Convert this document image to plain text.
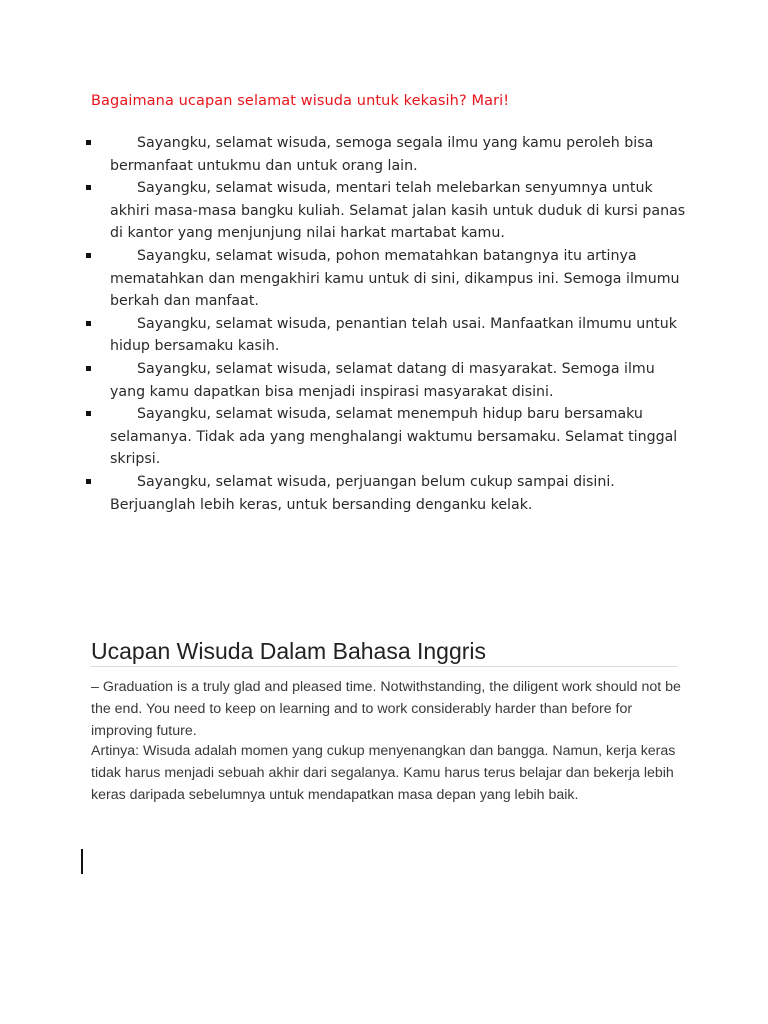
Bagaimana ucapan selamat wisuda untuk kekasih? Mari!
Sayangku, selamat wisuda, semoga segala ilmu yang kamu peroleh bisa bermanfaat untukmu dan untuk orang lain.
Sayangku, selamat wisuda, mentari telah melebarkan senyumnya untuk akhiri masa-masa bangku kuliah. Selamat jalan kasih untuk duduk di kursi panas di kantor yang menjunjung nilai harkat martabat kamu.
Sayangku, selamat wisuda, pohon mematahkan batangnya itu artinya mematahkan dan mengakhiri kamu untuk di sini, dikampus ini. Semoga ilmumu berkah dan manfaat.
Sayangku, selamat wisuda, penantian telah usai. Manfaatkan ilmumu untuk hidup bersamaku kasih.
Sayangku, selamat wisuda, selamat datang di masyarakat. Semoga ilmu yang kamu dapatkan bisa menjadi inspirasi masyarakat disini.
Sayangku, selamat wisuda, selamat menempuh hidup baru bersamaku selamanya. Tidak ada yang menghalangi waktumu bersamaku. Selamat tinggal skripsi.
Sayangku, selamat wisuda, perjuangan belum cukup sampai disini. Berjuanglah lebih keras, untuk bersanding denganku kelak.
Ucapan Wisuda Dalam Bahasa Inggris

– Graduation is a truly glad and pleased time. Notwithstanding, the diligent work should not be the end. You need to keep on learning and to work considerably harder than before for improving future.

Artinya: Wisuda adalah momen yang cukup menyenangkan dan bangga. Namun, kerja keras tidak harus menjadi sebuah akhir dari segalanya. Kamu harus terus belajar dan bekerja lebih keras daripada sebelumnya untuk mendapatkan masa depan yang lebih baik.
